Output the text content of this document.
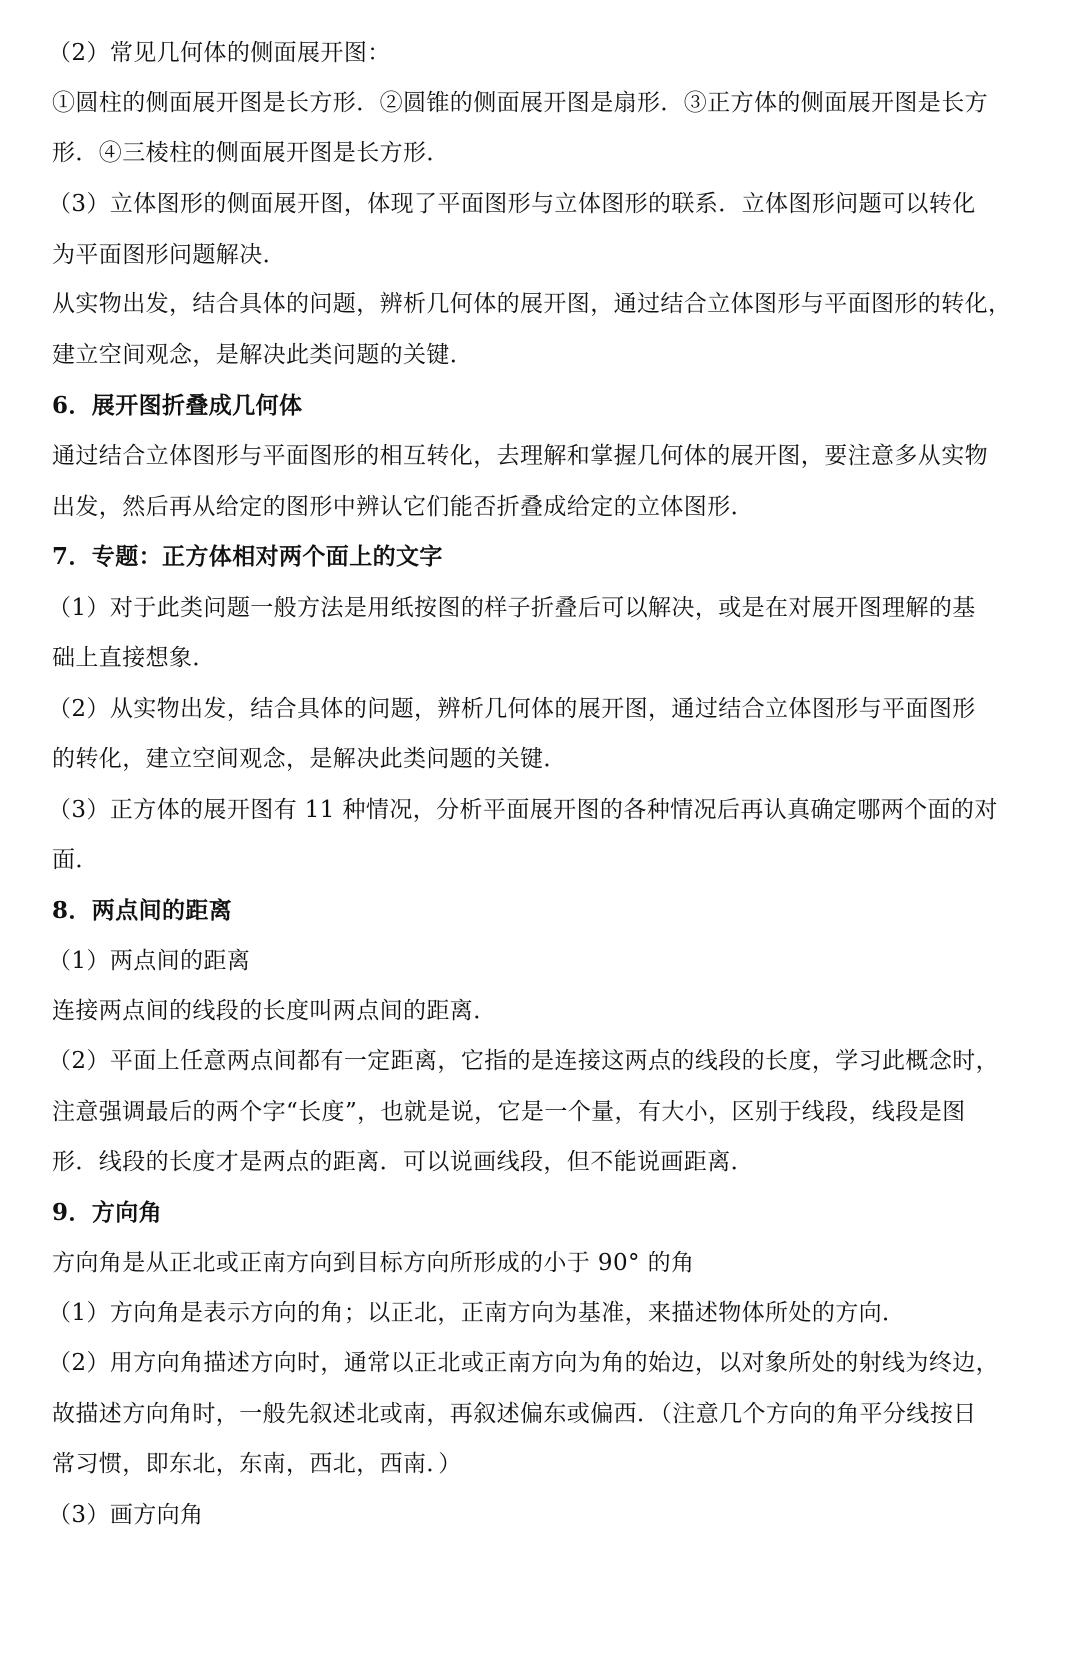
（2）常见几何体的侧面展开图：
①圆柱的侧面展开图是长方形．②圆锥的侧面展开图是扇形．③正方体的侧面展开图是长方
形．④三棱柱的侧面展开图是长方形．
（3）立体图形的侧面展开图，体现了平面图形与立体图形的联系．立体图形问题可以转化
为平面图形问题解决．
从实物出发，结合具体的问题，辨析几何体的展开图，通过结合立体图形与平面图形的转化，
建立空间观念，是解决此类问题的关键．
6．展开图折叠成几何体
通过结合立体图形与平面图形的相互转化，去理解和掌握几何体的展开图，要注意多从实物
出发，然后再从给定的图形中辨认它们能否折叠成给定的立体图形．
7．专题：正方体相对两个面上的文字
（1）对于此类问题一般方法是用纸按图的样子折叠后可以解决，或是在对展开图理解的基
础上直接想象．
（2）从实物出发，结合具体的问题，辨析几何体的展开图，通过结合立体图形与平面图形
的转化，建立空间观念，是解决此类问题的关键．
（3）正方体的展开图有 11 种情况，分析平面展开图的各种情况后再认真确定哪两个面的对
面．
8．两点间的距离
（1）两点间的距离
连接两点间的线段的长度叫两点间的距离．
（2）平面上任意两点间都有一定距离，它指的是连接这两点的线段的长度，学习此概念时，
注意强调最后的两个字“长度”，也就是说，它是一个量，有大小，区别于线段，线段是图
形．线段的长度才是两点的距离．可以说画线段，但不能说画距离．
9．方向角
方向角是从正北或正南方向到目标方向所形成的小于 90° 的角
（1）方向角是表示方向的角；以正北，正南方向为基准，来描述物体所处的方向．
（2）用方向角描述方向时，通常以正北或正南方向为角的始边，以对象所处的射线为终边，
故描述方向角时，一般先叙述北或南，再叙述偏东或偏西．（注意几个方向的角平分线按日
常习惯，即东北，东南，西北，西南．）
（3）画方向角
